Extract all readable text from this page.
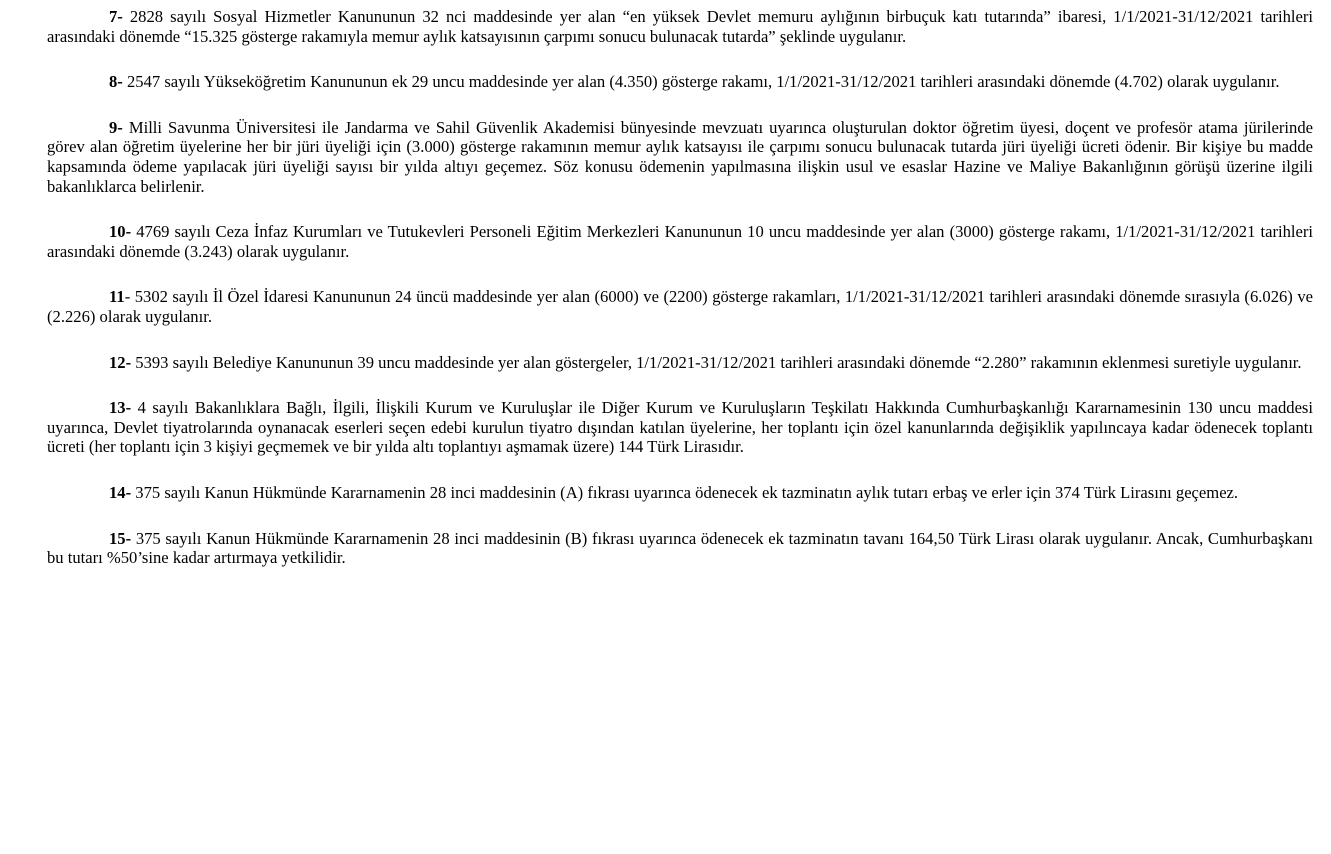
7- 2828 sayılı Sosyal Hizmetler Kanununun 32 nci maddesinde yer alan “en yüksek Devlet memuru aylığının birbuçuk katı tutarında” ibaresi, 1/1/2021-31/12/2021 tarihleri arasındaki dönemde “15.325 gösterge rakamıyla memur aylık katsayısının çarpımı sonucu bulunacak tutarda” şeklinde uygulanır.

8- 2547 sayılı Yükseköğretim Kanununun ek 29 uncu maddesinde yer alan (4.350) gösterge rakamı, 1/1/2021-31/12/2021 tarihleri arasındaki dönemde (4.702) olarak uygulanır.

9- Milli Savunma Üniversitesi ile Jandarma ve Sahil Güvenlik Akademisi bünyesinde mevzuatı uyarınca oluşturulan doktor öğretim üyesi, doçent ve profesör atama jürilerinde görev alan öğretim üyelerine her bir jüri üyeliği için (3.000) gösterge rakamının memur aylık katsayısı ile çarpımı sonucu bulunacak tutarda jüri üyeliği ücreti ödenir. Bir kişiye bu madde kapsamında ödeme yapılacak jüri üyeliği sayısı bir yılda altıyı geçemez. Söz konusu ödemenin yapılmasına ilişkin usul ve esaslar Hazine ve Maliye Bakanlığının görüşü üzerine ilgili bakanlıklarca belirlenir.

10- 4769 sayılı Ceza İnfaz Kurumları ve Tutukevleri Personeli Eğitim Merkezleri Kanununun 10 uncu maddesinde yer alan (3000) gösterge rakamı, 1/1/2021-31/12/2021 tarihleri arasındaki dönemde (3.243) olarak uygulanır.

11- 5302 sayılı İl Özel İdaresi Kanununun 24 üncü maddesinde yer alan (6000) ve (2200) gösterge rakamları, 1/1/2021-31/12/2021 tarihleri arasındaki dönemde sırasıyla (6.026) ve (2.226) olarak uygulanır.

12- 5393 sayılı Belediye Kanununun 39 uncu maddesinde yer alan göstergeler, 1/1/2021-31/12/2021 tarihleri arasındaki dönemde “2.280” rakamının eklenmesi suretiyle uygulanır.

13- 4 sayılı Bakanlıklara Bağlı, İlgili, İlişkili Kurum ve Kuruluşlar ile Diğer Kurum ve Kuruluşların Teşkilatı Hakkında Cumhurbaşkanlığı Kararnamesinin 130 uncu maddesi uyarınca, Devlet tiyatrolarında oynanacak eserleri seçen edebi kurulun tiyatro dışından katılan üyelerine, her toplantı için özel kanunlarında değişiklik yapılıncaya kadar ödenecek toplantı ücreti (her toplantı için 3 kişiyi geçmemek ve bir yılda altı toplantıyı aşmamak üzere) 144 Türk Lirasıdır.

14- 375 sayılı Kanun Hükmünde Kararnamenin 28 inci maddesinin (A) fıkrası uyarınca ödenecek ek tazminatın aylık tutarı erbaş ve erler için 374 Türk Lirasını geçemez.

15- 375 sayılı Kanun Hükmünde Kararnamenin 28 inci maddesinin (B) fıkrası uyarınca ödenecek ek tazminatın tavanı 164,50 Türk Lirası olarak uygulanır. Ancak, Cumhurbaşkanı bu tutarı %50’sine kadar artırmaya yetkilidir.
